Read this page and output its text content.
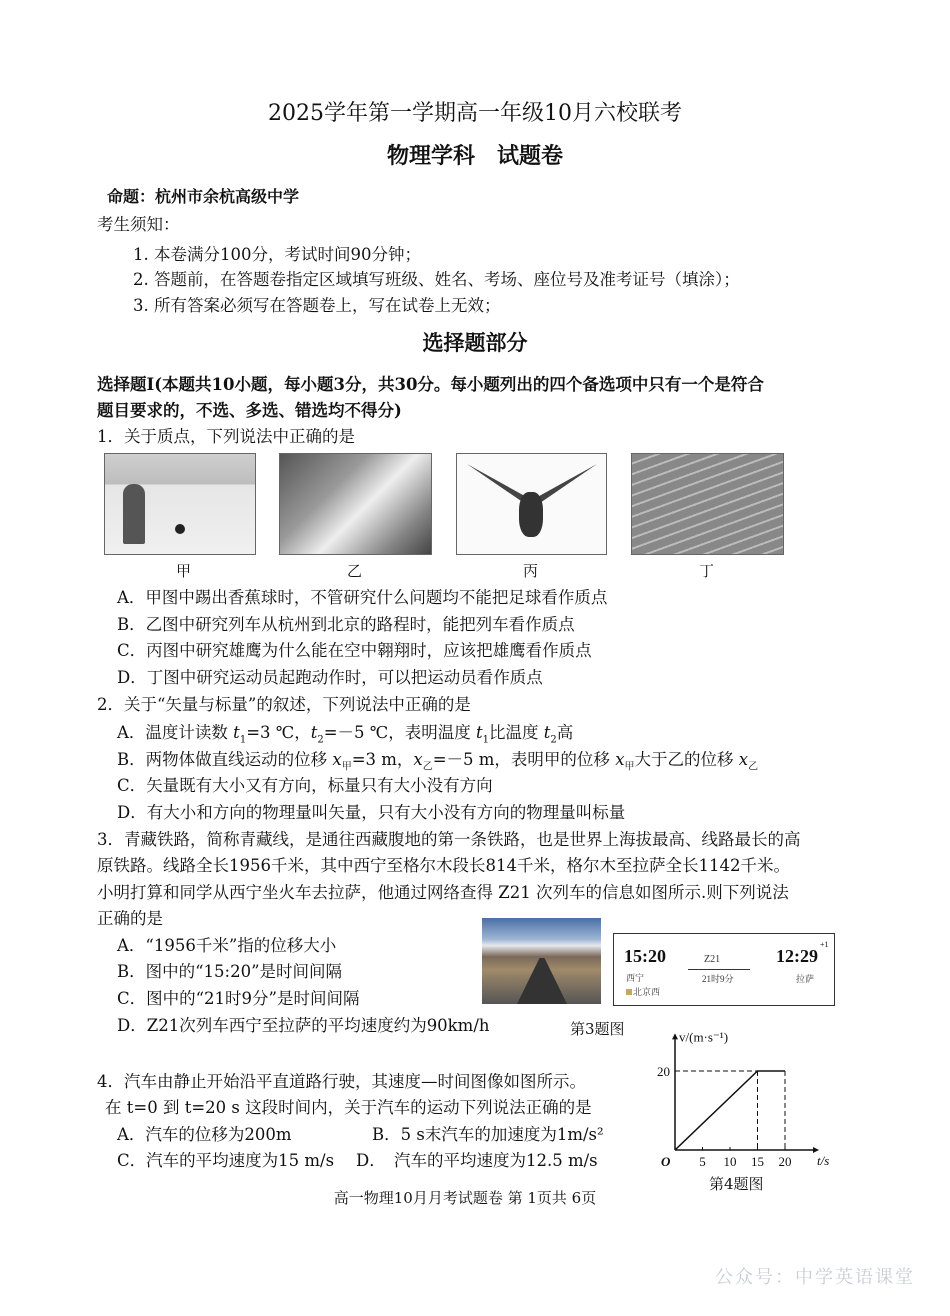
2025学年第一学期高一年级10月六校联考
物理学科　试题卷
命题：杭州市余杭高级中学
考生须知：
1. 本卷满分100分，考试时间90分钟；
2. 答题前，在答题卷指定区域填写班级、姓名、考场、座位号及准考证号（填涂）；
3. 所有答案必须写在答题卷上，写在试卷上无效；
选择题部分
选择题Ⅰ(本题共10小题，每小题3分，共30分。每小题列出的四个备选项中只有一个是符合
题目要求的，不选、多选、错选均不得分)
1．关于质点，下列说法中正确的是
甲	乙	丙	丁
A．甲图中踢出香蕉球时，不管研究什么问题均不能把足球看作质点
B．乙图中研究列车从杭州到北京的路程时，能把列车看作质点
C．丙图中研究雄鹰为什么能在空中翱翔时，应该把雄鹰看作质点
D．丁图中研究运动员起跑动作时，可以把运动员看作质点
2．关于“矢量与标量”的叙述，下列说法中正确的是
A．温度计读数 $t_1=3$ ℃，$t_2=-5$ ℃，表明温度 $t_1$比温度 $t_2$高
B．两物体做直线运动的位移 $x_甲=3$ m，$x_乙=-5$ m，表明甲的位移 $x_甲$大于乙的位移 $x_乙$
C．矢量既有大小又有方向，标量只有大小没有方向
D．有大小和方向的物理量叫矢量，只有大小没有方向的物理量叫标量
3．青藏铁路，简称青藏线，是通往西藏腹地的第一条铁路，也是世界上海拔最高、线路最长的高
原铁路。线路全长1956千米，其中西宁至格尔木段长814千米，格尔木至拉萨全长1142千米。
小明打算和同学从西宁坐火车去拉萨，他通过网络查得 Z21 次列车的信息如图所示.则下列说法
正确的是
A．“1956千米”指的位移大小
B．图中的“15:20”是时间间隔
C．图中的“21时9分”是时间间隔
D．Z21次列车西宁至拉萨的平均速度约为90km/h
15:20
西宁
北京西
Z21
21时9分
12:29
+1
拉萨
第3题图
4．汽车由静止开始沿平直道路行驶，其速度—时间图像如图所示。
在 t=0 到 t=20 s 这段时间内，关于汽车的运动下列说法正确的是
A．汽车的位移为200m	B．5 s末汽车的加速度为1m/s²
C．汽车的平均速度为15 m/s D．　汽车的平均速度为12.5 m/s
v/(m·s⁻¹)
t/s
O 5 10 15 20
20
第4题图
高一物理10月月考试题卷 第 1页共 6页
公众号：中学英语课堂
